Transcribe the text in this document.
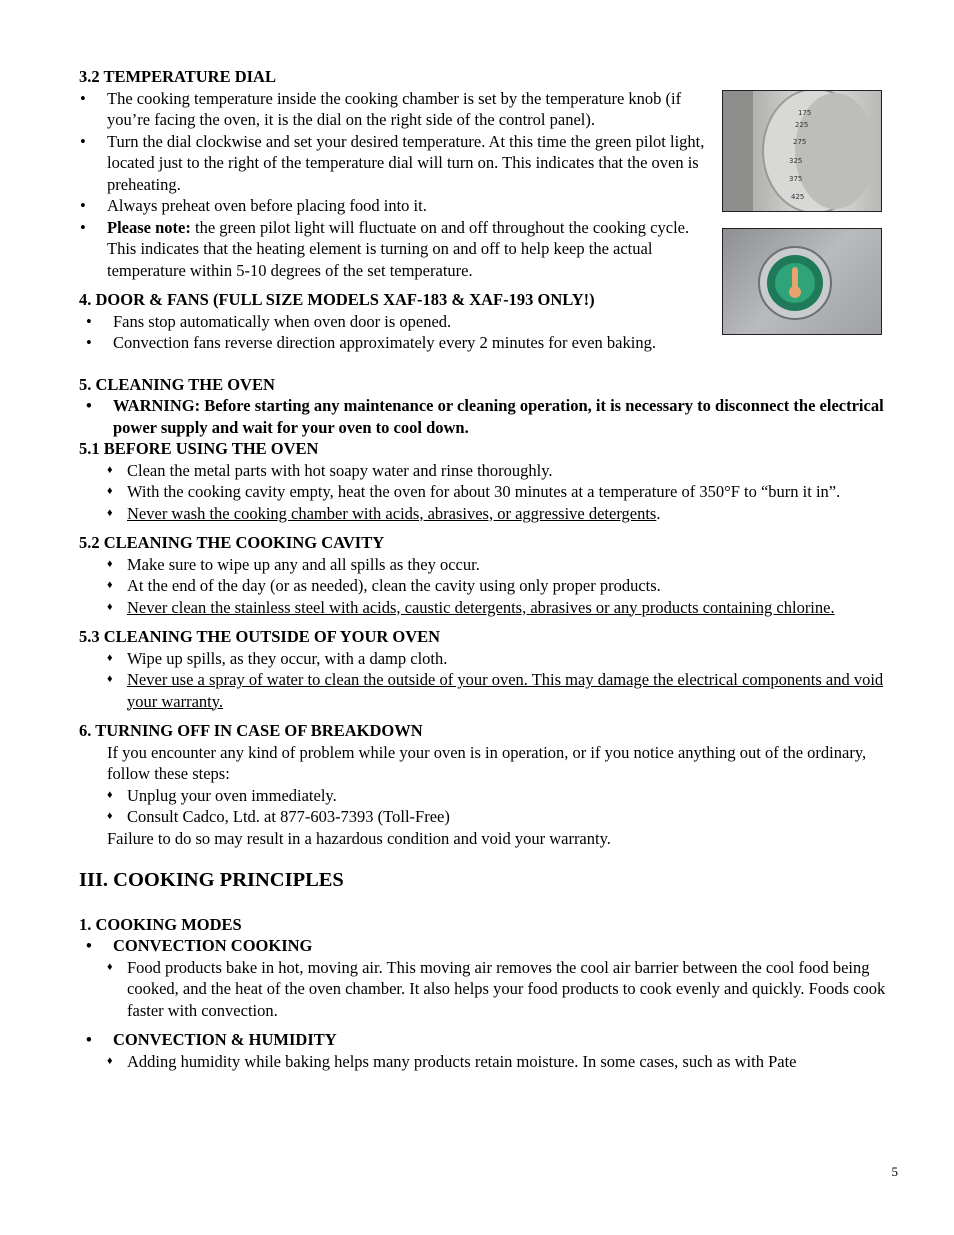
175
225
275
325
375
425

3.2 TEMPERATURE DIAL

• The cooking temperature inside the cooking chamber is set by the temperature knob (if you’re facing the oven, it is the dial on the right side of the control panel).
• Turn the dial clockwise and set your desired temperature. At this time the green pilot light, located just to the right of the temperature dial will turn on. This indicates that the oven is preheating.
• Always preheat oven before placing food into it.
• Please note: the green pilot light will fluctuate on and off throughout the cooking cycle. This indicates that the heating element is turning on and off to help keep the actual temperature within 5-10 degrees of the set temperature.

4. DOOR & FANS (FULL SIZE MODELS XAF-183 & XAF-193 ONLY!)

• Fans stop automatically when oven door is opened.
• Convection fans reverse direction approximately every 2 minutes for even baking.

5. CLEANING THE OVEN

• WARNING: Before starting any maintenance or cleaning operation, it is necessary to disconnect the electrical power supply and wait for your oven to cool down.

5.1 BEFORE USING THE OVEN

♦ Clean the metal parts with hot soapy water and rinse thoroughly.
♦ With the cooking cavity empty, heat the oven for about 30 minutes at a temperature of 350°F to “burn it in”.
♦ Never wash the cooking chamber with acids, abrasives, or aggressive detergents.

5.2 CLEANING THE COOKING CAVITY

♦ Make sure to wipe up any and all spills as they occur.
♦ At the end of the day (or as needed), clean the cavity using only proper products.
♦ Never clean the stainless steel with acids, caustic detergents, abrasives or any products containing chlorine.

5.3 CLEANING THE OUTSIDE OF YOUR OVEN

♦ Wipe up spills, as they occur, with a damp cloth.
♦ Never use a spray of water to clean the outside of your oven. This may damage the electrical components and void your warranty.

6. TURNING OFF IN CASE OF BREAKDOWN

If you encounter any kind of problem while your oven is in operation, or if you notice anything out of the ordinary, follow these steps:

♦ Unplug your oven immediately.
♦ Consult Cadco, Ltd. at 877-603-7393 (Toll-Free)

Failure to do so may result in a hazardous condition and void your warranty.

III. COOKING PRINCIPLES

1. COOKING MODES

• CONVECTION COOKING
♦ Food products bake in hot, moving air. This moving air removes the cool air barrier between the cool food being cooked, and the heat of the oven chamber. It also helps your food products to cook evenly and quickly. Foods cook faster with convection.
• CONVECTION & HUMIDITY
♦ Adding humidity while baking helps many products retain moisture. In some cases, such as with Pate
5
